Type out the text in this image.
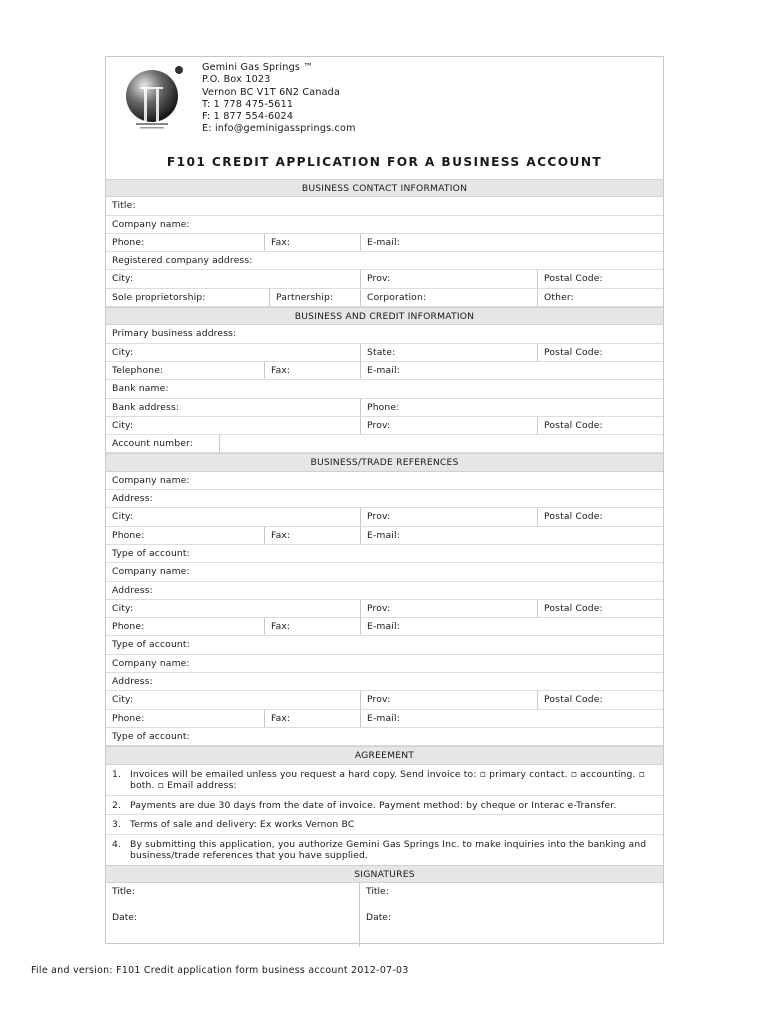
Gemini Gas Springs ™
P.O. Box 1023
Vernon BC V1T 6N2 Canada
T: 1 778 475-5611
F: 1 877 554-6024
E: info@geminigassprings.com
F101 CREDIT APPLICATION FOR A BUSINESS ACCOUNT
BUSINESS CONTACT INFORMATION
Title:
Company name:
Phone:	Fax:	E-mail:
Registered company address:
City:	Prov:	Postal Code:
Sole proprietorship:	Partnership:	Corporation:	Other:
BUSINESS AND CREDIT INFORMATION
Primary business address:
City:	State:	Postal Code:
Telephone:	Fax:	E-mail:
Bank name:
Bank address:	Phone:
City:	Prov:	Postal Code:
Account number:
BUSINESS/TRADE REFERENCES
Company name:
Address:
City:	Prov:	Postal Code:
Phone:	Fax:	E-mail:
Type of account:
Company name:
Address:
City:	Prov:	Postal Code:
Phone:	Fax:	E-mail:
Type of account:
Company name:
Address:
City:	Prov:	Postal Code:
Phone:	Fax:	E-mail:
Type of account:
AGREEMENT
1. Invoices will be emailed unless you request a hard copy. Send invoice to: ▫ primary contact. ▫ accounting. ▫ both. ▫ Email address:
2. Payments are due 30 days from the date of invoice. Payment method: by cheque or Interac e-Transfer.
3. Terms of sale and delivery: Ex works Vernon BC
4. By submitting this application, you authorize Gemini Gas Springs Inc. to make inquiries into the banking and business/trade references that you have supplied.
SIGNATURES
Title:
Date:
Title:
Date:
File and version: F101 Credit application form business account 2012-07-03
